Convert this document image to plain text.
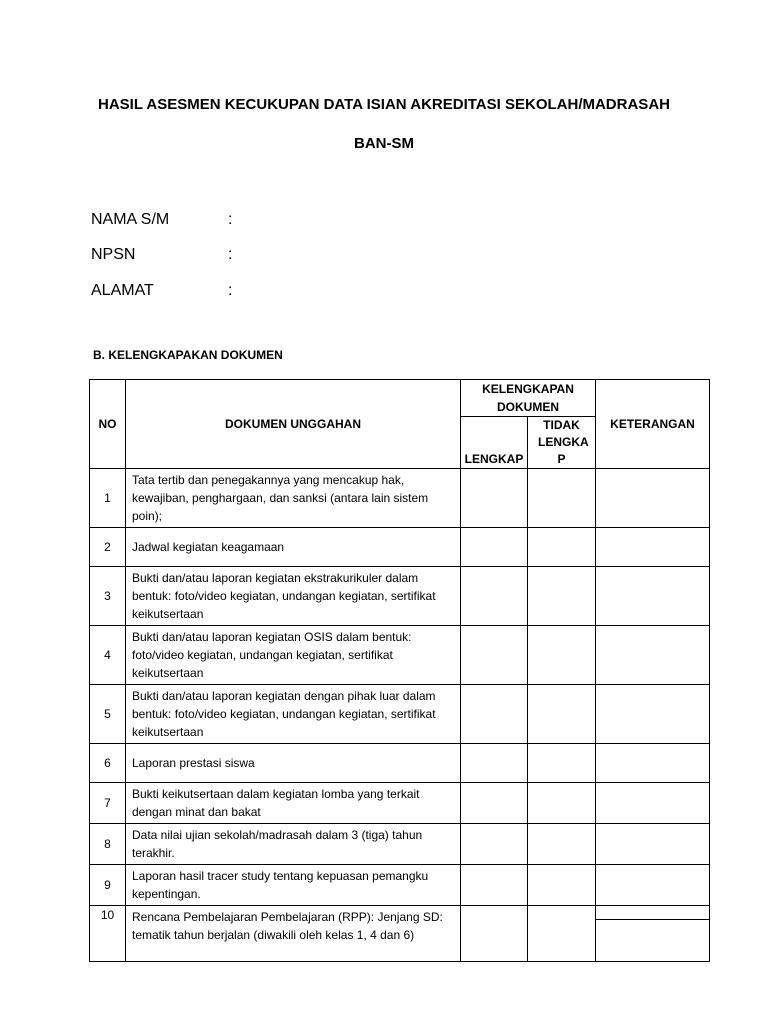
HASIL ASESMEN KECUKUPAN DATA ISIAN AKREDITASI SEKOLAH/MADRASAH
BAN-SM
NAMA S/M	:
NPSN	:
ALAMAT	:
B. KELENGKAPAKAN DOKUMEN
NO	DOKUMEN UNGGAHAN	KELENGKAPAN DOKUMEN		KETERANGAN
		LENGKAP	TIDAK LENGKA P	
1	Tata tertib dan penegakannya yang mencakup hak, kewajiban, penghargaan, dan sanksi (antara lain sistem poin);			
2	Jadwal kegiatan keagamaan			
3	Bukti dan/atau laporan kegiatan ekstrakurikuler dalam bentuk: foto/video kegiatan, undangan kegiatan, sertifikat keikutsertaan			
4	Bukti dan/atau laporan kegiatan OSIS dalam bentuk: foto/video kegiatan, undangan kegiatan, sertifikat keikutsertaan			
5	Bukti dan/atau laporan kegiatan dengan pihak luar dalam bentuk: foto/video kegiatan, undangan kegiatan, sertifikat keikutsertaan			
6	Laporan prestasi siswa			
7	Bukti keikutsertaan dalam kegiatan lomba yang terkait dengan minat dan bakat			
8	Data nilai ujian sekolah/madrasah dalam 3 (tiga) tahun terakhir.			
9	Laporan hasil tracer study tentang kepuasan pemangku kepentingan.			
10	Rencana Pembelajaran Pembelajaran (RPP): Jenjang SD: tematik tahun berjalan (diwakili oleh kelas 1, 4 dan 6)			
